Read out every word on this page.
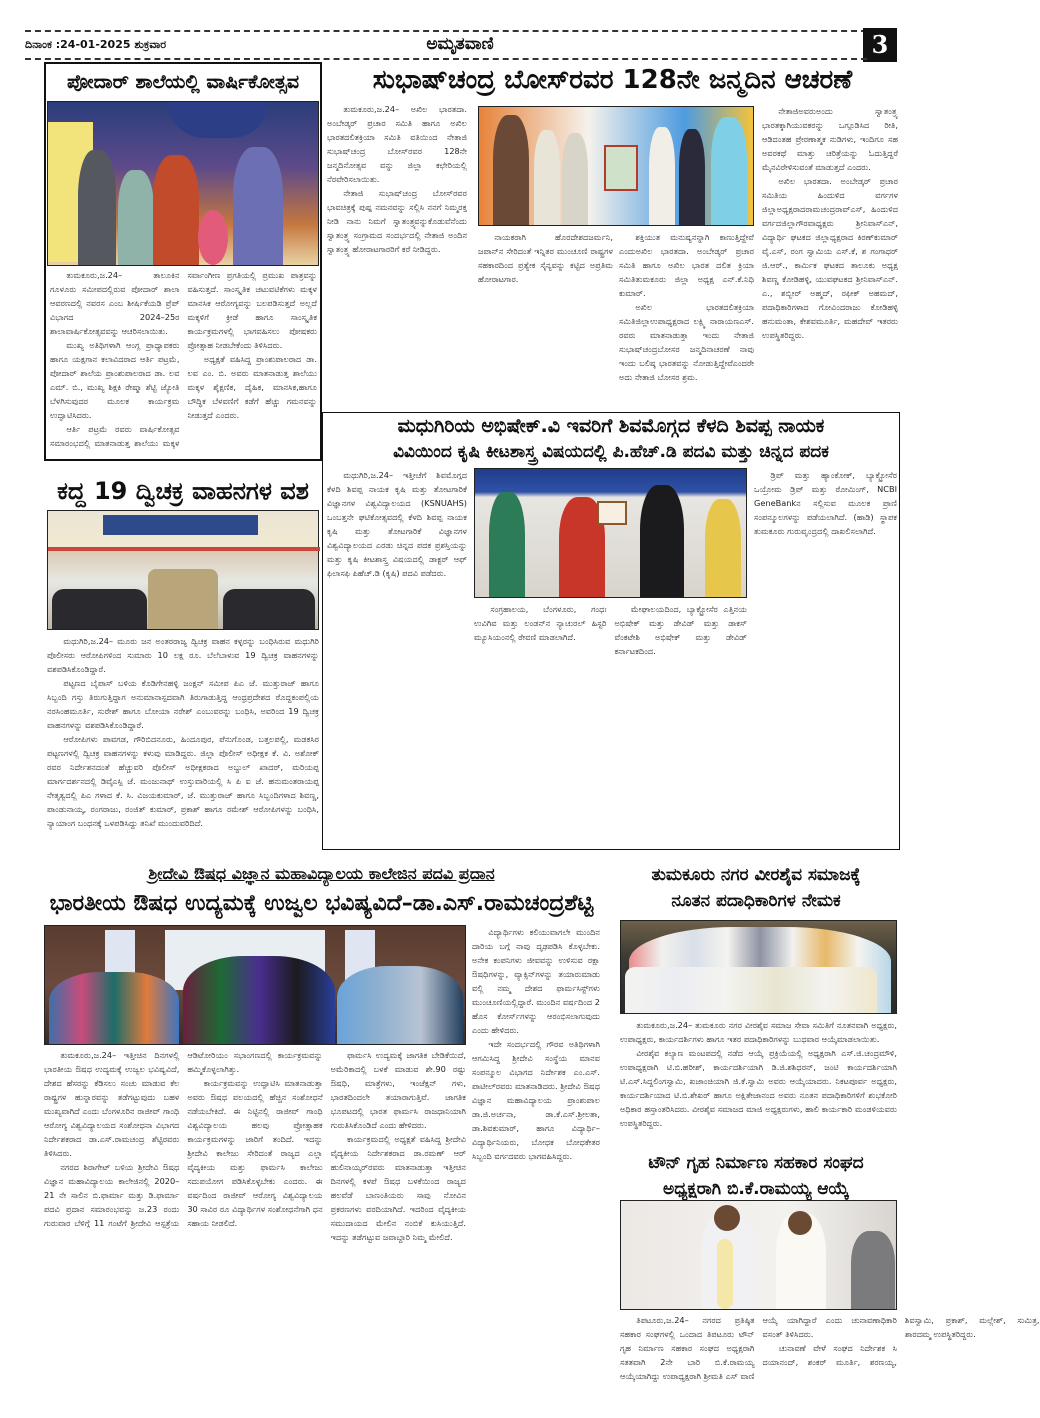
ದಿನಾಂಕ :24-01-2025 ಶುಕ್ರವಾರ	ಅಮೃತವಾಣಿ	3
ಪೋದಾರ್ ಶಾಲೆಯಲ್ಲಿ ವಾರ್ಷಿಕೋತ್ಸವ

ತುಮಕೂರು,ಜ.24– ತಾಲೂಕಿನ ಗೂಳೂರು ಸಮೀಪದಲ್ಲಿರುವ ಪೋದಾರ್ ಶಾಲಾ ಆವರಣದಲ್ಲಿ ನವರಸ ಎಂಬ ಶೀರ್ಷಿಕೆಯಡಿ ಪ್ರೆಪ್ ವಿಭಾಗದ 2024–25ರ ಶಾಲಾವಾರ್ಷಿಕೋತ್ಸವವನ್ನು ಆಚರಿಸಲಾಯಿತು.

ಮುಖ್ಯ ಅತಿಥಿಗಳಾಗಿ ಆಂಗ್ಲ ಪ್ರಾಧ್ಯಾಪಕರು ಹಾಗೂ ಯಕ್ಷಗಾನ ಕಲಾವಿದರಾದ ಆರ್ತಿ ಪಟ್ರಮೆ, ಪೋದಾರ್ ಶಾಲೆಯ ಪ್ರಾಂಶುಪಾಲರಾದ ಡಾ. ಲವ ಎಮ್. ಬಿ., ಮುಖ್ಯ ಶಿಕ್ಷಕಿ ರೇಷ್ಮಾ ಶೆಟ್ಟಿ ಜ್ಯೋತಿ ಬೆಳಗಿಸುವುದರ ಮೂಲಕ ಕಾರ್ಯಕ್ರಮ ಉದ್ಘಾಟಿಸಿದರು.

ಆರ್ತಿ ಪಟ್ರಮೆ ರವರು ವಾರ್ಷಿಕೋತ್ಸವ ಸಮಾರಂಭದಲ್ಲಿ ಮಾತನಾಡುತ್ತ ಶಾಲೆಯು ಮಕ್ಕಳ ಸರ್ವಾಂಗೀಣ ಪ್ರಗತಿಯಲ್ಲಿ ಪ್ರಮುಖ ಪಾತ್ರವನ್ನು ವಹಿಸುತ್ತದೆ. ಸಾಂಸ್ಕೃತಿಕ ಚಟುವಟಿಕೆಗಳು ಮಕ್ಕಳ ಮಾನಸಿಕ ಆರೋಗ್ಯವನ್ನು ಬಲಪಡಿಸುತ್ತದೆ ಅಲ್ಲದೆ ಮಕ್ಕಳಿಗೆ ಕ್ರೀಡೆ ಹಾಗೂ ಸಾಂಸ್ಕೃತಿಕ ಕಾರ್ಯಕ್ರಮಗಳಲ್ಲಿ ಭಾಗವಹಿಸಲು ಪೋಷಕರು ಪ್ರೋತ್ಸಾಹ ನೀಡಬೇಕೆಂದು ತಿಳಿಸಿದರು.

ಅಧ್ಯಕ್ಷತೆ ವಹಿಸಿದ್ದ ಪ್ರಾಂಶುಪಾಲರಾದ ಡಾ. ಲವ ಎಂ. ಬಿ. ಅವರು ಮಾತನಾಡುತ್ತ ಶಾಲೆಯು ಮಕ್ಕಳ ಶೈಕ್ಷಣಿಕ, ದೈಹಿಕ, ಮಾನಸಿಕ,ಹಾಗೂ ಬೌದ್ಧಿಕ ಬೆಳವಣಿಗೆ ಕಡೆಗೆ ಹೆಚ್ಚು ಗಮನವನ್ನು ನೀಡುತ್ತದೆ ಎಂದರು.

ಸುಭಾಷ್‌ಚಂದ್ರ ಬೋಸ್‌ರವರ 128ನೇ ಜನ್ಮದಿನ ಆಚರಣೆ

ತುಮಕೂರು,ಜ.24– ಅಖಿಲ ಭಾರತದಾ. ಅಂಬೇಡ್ಕರ್ ಪ್ರಚಾರ ಸಮಿತಿ ಹಾಗೂ ಅಖಿಲ ಭಾರತದಲಿತಕ್ರಿಯಾ ಸಮಿತಿ ವತಿಯಿಂದ ನೇತಾಜಿ ಸುಭಾಷ್‌ಚಂದ್ರ ಬೋಸ್‌ರವರ 128ನೇ ಜನ್ಮದಿನೋತ್ಸವ ವನ್ನು ಜಿಲ್ಲಾ ಕಛೇರಿಯಲ್ಲಿ ನೆರವೇರಿಸಲಾಯಿತು.

ನೇತಾಜಿ ಸುಭಾಷ್‌ಚಂದ್ರ ಬೋಸ್‌ರವರ ಭಾವಚಿತ್ರಕ್ಕೆ ಪುಷ್ಪ ನಮನವನ್ನು ಸಲ್ಲಿಸಿ ನನಗೆ ನಿಮ್ಮರಕ್ತ ನೀಡಿ ನಾನು ನಿಮಗೆ ಸ್ವಾತಂತ್ರ್ಯವನ್ನುಕೊಡುವೆನೆಂದು ಸ್ವಾತಂತ್ರ್ಯ ಸಂಗ್ರಾಮದ ಸಂದರ್ಭದಲ್ಲಿ ನೇತಾಜಿ ಅಂದಿನ ಸ್ವಾತಂತ್ರ್ಯ ಹೋರಾಟಗಾರರಿಗೆ ಕರೆ ನೀಡಿದ್ದರು.

ನಾಯಕರಾಗಿ ಹೊರದೇಶದಜರ್ಮನಿ, ಜಪಾನ್‌ನ ಸೇರಿದಂತೆ ಇನ್ನಿತರ ಮುಂಚೂಣಿ ರಾಷ್ಟ್ರಗಳ ಸಹಕಾರದಿಂದ ಪ್ರತ್ಯೇಕ ಸೈನ್ಯವನ್ನು ಕಟ್ಟಿದ ಅಪ್ರತಿಮ ಹೋರಾಟಗಾರ.

ಶಕ್ತಿಯುತ ಮನುಷ್ಯನನ್ನಾಗಿ ಕಾಣುತ್ತಿದ್ದೇವೆ ಎಂದುಅಖಿಲ ಭಾರತದಾ. ಅಂಬೇಡ್ಕರ್ ಪ್ರಚಾರ ಸಮಿತಿ ಹಾಗೂ ಅಖಿಲ ಭಾರತ ದಲಿತ ಕ್ರಿಯಾ ಸಮಿತಿತುಮಕೂರು ಜಿಲ್ಲಾ ಅಧ್ಯಕ್ಷ ಎನ್.ಕೆ.ನಿಧಿ ಕುಮಾರ್.

ಅಖಿಲ ಭಾರತದಲಿತಕ್ರಿಯಾ ಸಮಿತಿಜಿಲ್ಲಾಉಪಾಧ್ಯಕ್ಷರಾದ ಲಕ್ಷ್ಮಿ ನಾರಾಯಣಎಸ್. ರವರು ಮಾತನಾಡುತ್ತಾ ಇಂದು ನೇತಾಜಿ ಸುಭಾಷ್‌ಚಂದ್ರಬೋಸರ ಜನ್ಮದಿನಾಚರಣೆ ನಾವು ಇಂದು ಬಲಿಷ್ಠ ಭಾರತವನ್ನು ನೋಡುತ್ತಿದ್ದೇವೆಎಂದರೇ ಅದು ನೇತಾಜಿ ಬೋಸರ ಶ್ರಮ.

ನೇತಾಜಿಅವರುಅಂದು ಸ್ವಾತಂತ್ರ್ಯ ಭಾರತಕ್ಕಾಗಿಯುವಕರನ್ನು ಒಗ್ಗೂಡಿಸಿದ ರೀತಿ, ಆಡಿದಂತಹ ಪ್ರೇರಣಾತ್ಮಕ ನುಡಿಗಳು, ಇಂದಿಗೂ ಸಹ ಅವರಕಥೆ ಮಾತ್ತು ಚರಿತ್ರೆಯನ್ನು ಓದುತ್ತಿದ್ದರೆ ಮೈನವಿರೇಳಿಸುವಂತೆ ಮಾಡುತ್ತದೆ ಎಂದರು.

ಅಖಿಲ ಭಾರತದಾ. ಅಂಬೇಡ್ಕರ್ ಪ್ರಚಾರ ಸಮಿತಿಯ ಹಿಂದುಳಿದ ವರ್ಗಗಳ ಜಿಲ್ಲಾಅಧ್ಯಕ್ಷರಾದರಾಮಚಂದ್ರರಾವ್‌ಎಸ್, ಹಿಂದುಳಿದ ವರ್ಗದಜಿಲ್ಲಾಗೌರವಾಧ್ಯಕ್ಷರು ಶ್ರೀನಿವಾಸ್‌ಎನ್, ವಿದ್ಯಾರ್ಥಿ ಘಟಕದ ಜಿಲ್ಲಾಧ್ಯಕ್ಷರಾದ ಕಿರಣ್‌ಕುಮಾರ್ ವೈ.ಎಸ್, ರಂಗ ಸ್ವಾಮಿಯ ಎಸ್.ಕೆ, ಶ ಗಂಗಾಧರ್ ಜಿ.ಆರ್., ಕಾರ್ಮಿಕ ಘಟಕದ ತಾಲೂಕು ಅಧ್ಯಕ್ಷ ಶಿವಣ್ಣ ಕೋಡಿಹಳ್ಳಿ, ಯುವಘಟಕದ ಶ್ರೀನಿವಾಸ್‌ಎನ್. ಎ., ಶಬ್ಬೀರ್ ಅಹ್ಮದ್, ರಫೀಕ್ ಅಹಮದ್, ಪದಾಧಿಕಾರಿಗಳಾದ ಗೋವಿಂದರಾಜು ಕೋಡಿಹಳ್ಳಿ ಹನುಮಂತಾ, ಕೇಶವಮೂರ್ತಿ, ಮಹದೇವ್ ಇತರರು ಉಪಸ್ಥಿತರಿದ್ದರು.

ಮಧುಗಿರಿಯ ಅಭಿಷೇಕ್.ವಿ ಇವರಿಗೆ ಶಿವಮೊಗ್ಗದ ಕೆಳದಿ ಶಿವಪ್ಪ ನಾಯಕ
ವಿವಿಯಿಂದ ಕೃಷಿ ಕೀಟಶಾಸ್ತ್ರ ವಿಷಯದಲ್ಲಿ ಪಿ.ಹೆಚ್.ಡಿ ಪದವಿ ಮತ್ತು ಚಿನ್ನದ ಪದಕ

ಮಧುಗಿರಿ,ಜ.24– ಇತ್ತೀಚೆಗೆ ಶಿವಮೊಗ್ಗದ ಕೆಳದಿ ಶಿವಪ್ಪ ನಾಯಕ ಕೃಷಿ ಮತ್ತು ತೋಟಗಾರಿಕೆ ವಿಜ್ಞಾನಗಳ ವಿಶ್ವವಿದ್ಯಾಲಯದ (KSNUAHS) ಒಂಬತ್ತನೇ ಘಟಿಕೋತ್ಸವದಲ್ಲಿ ಕೆಳದಿ ಶಿವಪ್ಪ ನಾಯಕ ಕೃಷಿ ಮತ್ತು ತೋಟಗಾರಿಕೆ ವಿಜ್ಞಾನಗಳ ವಿಶ್ವವಿದ್ಯಾಲಯದ ಎರಡು ಚಿನ್ನದ ಪದಕ ಪ್ರಶಸ್ತಿಯನ್ನು ಮತ್ತು ಕೃಷಿ ಕೀಟಶಾಸ್ತ್ರ ವಿಷಯದಲ್ಲಿ ಡಾಕ್ಟರ್ ಆಫ್ ಫಿಲಾಸಫಿ ಪಿಹೆಚ್.ಡಿ (ಕೃಷಿ) ಪದವಿ ಪಡೆದರು.

ಸಂಗ್ರಹಾಲಯ, ಬೆಂಗಳೂರು, ಗಂಧಃ ಉವಿಗಿವ ಮತ್ತು ಲಂಡನ್‌ನ ನ್ಯಾಚುರಲ್ ಹಿಸ್ಟರಿ ಮ್ಯೂಸಿಯಂನಲ್ಲಿ ಠೇವಣಿ ಮಾಡಲಾಗಿದೆ.

ಮೇಘಾಲಯದಿಂದ, ಬ್ಯಾಕ್ಟ್ರೋಸೆರ ಎತ್ತಿನಯ ಅಭಿಷೇಕ್ ಮತ್ತು ಡೇವಿಡ್ ಮತ್ತು ಡಾಕಸ್ ವೆಂಕಟೇಶಿ ಅಭಿಷೇಕ್ ಮತ್ತು ಡೇವಿಡ್ ಕರ್ನಾಟಕದಿಂದ.

ಡ್ರಿಪ್ ಮತ್ತು ಹ್ಯಾಂಕೋಕ್, ಬ್ಯಾಕ್ಟ್ರೋಸೆರ ಒಯ್ರೋಮ ಡ್ರಿಪ್ ಮತ್ತು ರೋಮಿಂಗ್, NCBI GeneBankನ ಸಲ್ಲಿಸುವ ಮೂಲಕ ಪ್ರಾಣಿ ಸಂಪನ್ಮೂಲಗಳನ್ನು ಪಡೆಯಲಾಗಿದೆ. (ಹಾಡಿ) ಸ್ಥಾಪಕ ತುಮಕೂರು ಗುರುವೃಂದ್ರದಲ್ಲಿ ದಾಖಲಿಸಲಾಗಿದೆ.

ಕದ್ದ 19 ದ್ವಿಚಕ್ರ ವಾಹನಗಳ ವಶ

ಮಧುಗಿರಿ,ಜ.24– ಮೂರು ಜನ ಅಂತರರಾಜ್ಯ ದ್ವಿಚಕ್ರ ವಾಹನ ಕಳ್ಳರನ್ನು ಬಂಧಿಸಿರುವ ಮಧುಗಿರಿ ಪೊಲೀಸರು ಆರೋಪಿಗಳಿಂದ ಸುಮಾರು 10 ಲಕ್ಷ ರೂ. ಬೆಲೆಬಾಳುವ 19 ದ್ವಿಚಕ್ರ ವಾಹನಗಳನ್ನು ವಶಪಡಿಸಿಕೊಂಡಿದ್ದಾರೆ.

ಪಟ್ಟಣದ ಬೈಪಾಸ್ ಬಳಿಯ ಕೊಡಿಗೇನಹಳ್ಳಿ ಜಂಕ್ಷನ್ ಸಮೀಪ ಪಿಎ ಜೆ. ಮುತ್ತುರಾಜ್ ಹಾಗೂ ಸಿಬ್ಬಂದಿ ಗಸ್ತು ತಿರುಗುತ್ತಿದ್ದಾಗ ಅನುಮಾನಾಸ್ಪದವಾಗಿ ತಿರುಗಾಡುತ್ತಿದ್ದ ಆಂಧ್ರಪ್ರದೇಶದ ರೊದ್ದಕಂಪಲ್ಲಿಯ ನರಸಿಂಹಮೂರ್ತಿ, ಸುರೇಶ್ ಹಾಗೂ ಬೋಯಾ ನರೇಶ್ ಎಂಬುವರನ್ನು ಬಂಧಿಸಿ, ಅವರಿಂದ 19 ದ್ವಿಚಕ್ರ ವಾಹನಗಳನ್ನು ವಶಪಡಿಸಿಕೊಂಡಿದ್ದಾರೆ.

ಆರೋಪಿಗಳು ಪಾವಗಡ, ಗೌರಿಬಿದನೂರು, ಹಿಂದೂಪುರ, ಪೆನುಗೊಂಡ, ಬತ್ತಲಪಲ್ಲಿ, ಮಡಕಸಿರ ಪಟ್ಟಣಗಳಲ್ಲಿ ದ್ವಿಚಕ್ರ ವಾಹನಗಳನ್ನು ಕಳುವು ಮಾಡಿದ್ದರು. ಜಿಲ್ಲಾ ಪೊಲೀಸ್ ಅಧೀಕ್ಷಕ ಕೆ. ವಿ. ಅಶೋಕ್ ರವರ ನಿರ್ದೇಶನದಂತೆ ಹೆಚ್ಚುವರಿ ಪೊಲೀಸ್ ಅಧೀಕ್ಷಕರಾದ ಅಬ್ದುಲ್ ಖಾದರ್, ಮರಿಯಪ್ಪ ಮಾರ್ಗದರ್ಶನದಲ್ಲಿ ಡಿವೈಎಸ್ಪಿ ಜೆ. ಮಂಜುನಾಥ್ ಉಸ್ತುವಾರಿಯಲ್ಲಿ ಸಿ ಪಿ ಐ ಜೆ. ಹನುಮಂತರಾಯಪ್ಪ ನೇತೃತ್ವದಲ್ಲಿ ಪಿಎ ಗಳಾದ ಕೆ. ಸಿ. ವಿಜಯಕುಮಾರ್, ಜೆ. ಮುತ್ತುರಾಜ್ ಹಾಗೂ ಸಿಬ್ಬಂದಿಗಳಾದ ಶಿವಣ್ಣ, ಪಾಂಡುನಾಯ್ಕ, ರಂಗರಾಜು, ರಂಜಿತ್ ಕುಮಾರ್, ಪ್ರಕಾಶ್ ಹಾಗೂ ರಮೇಶ್ ಆರೋಪಿಗಳನ್ನು ಬಂಧಿಸಿ, ನ್ಯಾಯಾಂಗ ಬಂಧನಕ್ಕೆ ಒಳಪಡಿಸಿದ್ದು ತನಿಖೆ ಮುಂದುವರಿದಿದೆ.

ಶ್ರೀದೇವಿ ಔಷಧ ವಿಜ್ಞಾನ ಮಹಾವಿದ್ಯಾಲಯ ಕಾಲೇಜಿನ ಪದವಿ ಪ್ರದಾನ
ಭಾರತೀಯ ಔಷಧ ಉದ್ಯಮಕ್ಕೆ ಉಜ್ವಲ ಭವಿಷ್ಯವಿದೆ–ಡಾ.ಎಸ್.ರಾಮಚಂದ್ರಶೆಟ್ಟಿ

ತುಮಕೂರು,ಜ.24– ಇತ್ತೀಚಿನ ದಿನಗಳಲ್ಲಿ ಭಾರತೀಯ ಔಷಧ ಉದ್ಯಮಕ್ಕೆ ಉಜ್ವಲ ಭವಿಷ್ಯವಿದೆ, ದೇಶದ ಹೆಸರನ್ನು ಕೆಡಿಸಲು ಸಂಚು ಮಾಡುವ ಕೆಲ ರಾಷ್ಟ್ರಗಳ ಹುನ್ನಾರವನ್ನು ತಡೆಗಟ್ಟುವುದು ಬಹಳ ಮುಖ್ಯವಾಗಿದೆ ಎಂದು ಬೆಂಗಳೂರಿನ ರಾಜೀವ್ ಗಾಂಧಿ ಆರೋಗ್ಯ ವಿಶ್ವವಿದ್ಯಾಲಯದ ಸಂಶೋಧನಾ ವಿಭಾಗದ ನಿರ್ದೇಶಕರಾದ ಡಾ.ಎಸ್.ರಾಮಚಂದ್ರ ಶೆಟ್ಟಿರವರು ತಿಳಿಸಿದರು.

ನಗರದ ಶಿರಾಗೇಟ್ ಬಳಿಯ ಶ್ರೀದೇವಿ ಔಷಧ ವಿಜ್ಞಾನ ಮಹಾವಿದ್ಯಾಲಯ ಕಾಲೇಜಿನಲ್ಲಿ 2020–21 ನೇ ಸಾಲಿನ ಬಿ.ಫಾರ್ಮಾ ಮತ್ತು ಡಿ.ಫಾರ್ಮಾ ಪದವಿ ಪ್ರದಾನ ಸಮಾರಂಭವನ್ನು ಜ.23 ರಂದು ಗುರುವಾರ ಬೆಳಿಗ್ಗೆ 11 ಗಂಟೆಗೆ ಶ್ರೀದೇವಿ ಆಸ್ಪತ್ರೆಯ ಆಡಿಟೋರಿಯಂ ಸಭಾಂಗಣದಲ್ಲಿ ಕಾರ್ಯಕ್ರಮವನ್ನು ಹಮ್ಮಿಕೊಳ್ಳಲಾಗಿತ್ತು.

ಕಾರ್ಯಕ್ರಮವನ್ನು ಉದ್ಘಾಟಿಸಿ ಮಾತನಾಡುತ್ತಾ ಅವರು ಔಷಧ ವಲಯದಲ್ಲಿ ಹೆಚ್ಚಿನ ಸಂಶೋಧನೆ ನಡೆಯಬೇಕಿದೆ. ಈ ನಿಟ್ಟಿನಲ್ಲಿ ರಾಜೀವ್ ಗಾಂಧಿ ವಿಶ್ವವಿದ್ಯಾಲಯ ಹಲವು ಪ್ರೋತ್ಸಾಹಕ ಕಾರ್ಯಕ್ರಮಗಳನ್ನು ಜಾರಿಗೆ ತಂದಿದೆ. ಇದನ್ನು ಶ್ರೀದೇವಿ ಕಾಲೇಜು ಸೇರಿದಂತೆ ರಾಜ್ಯದ ಎಲ್ಲಾ ವೈದ್ಯಕೀಯ ಮತ್ತು ಫಾರ್ಮಸಿ ಕಾಲೇಜು ಸದುಪಯೋಗ ಪಡಿಸಿಕೊಳ್ಳಬೇಕು ಎಂದರು. ಈ ವರ್ಷದಿಂದ ರಾಜೀವ್ ಆರೋಗ್ಯ ವಿಶ್ವವಿದ್ಯಾಲಯ 30 ಸಾವಿರ ರೂ ವಿದ್ಯಾರ್ಥಿಗಳ ಸಂಶೋಧನೆಗಾಗಿ ಧನ ಸಹಾಯ ನೀಡಲಿದೆ.

ಫಾರ್ಮಸಿ ಉದ್ಯಮಕ್ಕೆ ಜಾಗತಿಕ ಬೇಡಿಕೆಯಿದೆ, ಅಮೆರಿಕಾದಲ್ಲಿ ಬಳಕೆ ಮಾಡುವ ಶೇ.90 ರಷ್ಟು ಔಷಧಿ, ಮಾತ್ರೆಗಳು, ಇಂಜೆಕ್ಷನ್ ಗಳು, ಭಾರತದಿಂದಲೇ ತಯಾರಾಗುತ್ತಿವೆ. ಜಾಗತಿಕ ಭೂಪಟದಲ್ಲಿ ಭಾರತ ಫಾರ್ಮಸಿ ರಾಜಧಾನಿಯಾಗಿ ಗುರುತಿಸಿಕೊಂಡಿದೆ ಎಂದು ಹೇಳಿದರು.

ಕಾರ್ಯಕ್ರಮದಲ್ಲಿ ಅಧ್ಯಕ್ಷತೆ ವಹಿಸಿದ್ದ ಶ್ರೀದೇವಿ ವೈದ್ಯಕೀಯ ನಿರ್ದೇಶಕರಾದ ಡಾ.ರಮಣ್ ಆರ್ ಹುಲಿನಾಯ್ಕರ್‌ರವರು ಮಾತನಾಡುತ್ತಾ ಇತ್ತೀಚಿನ ದಿನಗಳಲ್ಲಿ ಕಳಪೆ ಔಷಧ ಬಳಕೆಯಿಂದ ರಾಜ್ಯದ ಹಲವೆಡೆ ಬಾಣಂತಿಯರು ಸಾವು ನೋವಿನ ಪ್ರಕರಣಗಳು ವರದಿಯಾಗಿದೆ. ಇದರಿಂದ ವೈದ್ಯಕೀಯ ಸಮುದಾಯದ ಮೇಲಿನ ನಂಬಿಕೆ ಕುಸಿಯುತ್ತಿದೆ. ಇದನ್ನು ತಡೆಗಟ್ಟುವ ಜವಾಬ್ದಾರಿ ನಿಮ್ಮ ಮೇಲಿದೆ.

ವಿದ್ಯಾರ್ಥಿಗಳು ಕಲಿಯುವಾಗಲೇ ಮುಂದಿನ ದಾರಿಯ ಬಗ್ಗೆ ನಾವು ದೃಢಪಡಿಸಿ ಕೊಳ್ಳಬೇಕು. ಅನೇಕ ಕಂಪನಿಗಳು ಜೀವವನ್ನು ಉಳಿಸುವ ರಕ್ಷಾ ಔಷಧಿಗಳನ್ನು, ವ್ಯಾಕ್ಸಿನ್‌ಗಳನ್ನು ತಯಾರುಮಾಡು ವಲ್ಲಿ ನಮ್ಮ ದೇಶದ ಫಾರ್ಮಸಿಸ್ಟ್‌ಗಳು ಮುಂಚೂಣಿಯಲ್ಲಿದ್ದಾರೆ. ಮುಂದಿನ ವರ್ಷದಿಂದ 2 ಹೊಸ ಕೋರ್ಸ್‌ಗಳನ್ನು ಆರಂಭಿಸಲಾಗುವುದು ಎಂದು ಹೇಳಿದರು.

ಇದೇ ಸಂದರ್ಭದಲ್ಲಿ ಗೌರವ ಅತಿಥಿಗಳಾಗಿ ಆಗಮಿಸಿದ್ದ ಶ್ರೀದೇವಿ ಸಂಸ್ಥೆಯ ಮಾನವ ಸಂಪನ್ಮೂಲ ವಿಭಾಗದ ನಿರ್ದೇಶಕ ಎಂ.ಎಸ್. ಪಾಟೀಲ್‌ರವರು ಮಾತನಾಡಿದರು. ಶ್ರೀದೇವಿ ಔಷಧ ವಿಜ್ಞಾನ ಮಹಾವಿದ್ಯಾಲಯ ಪ್ರಾಂಶುಪಾಲ ಡಾ.ಜಿ.ಅರ್ಚನಾ, ಡಾ.ಕೆ.ಎಸ್.ಶ್ರೀಲತಾ, ಡಾ.ಶಿವಕುಮಾರ್, ಹಾಗೂ ವಿದ್ಯಾರ್ಥಿ–ವಿದ್ಯಾರ್ಥಿನಿಯರು, ಬೋಧಕ ಬೋಧಕೇತರ ಸಿಬ್ಬಂದಿ ವರ್ಗದವರು ಭಾಗವಹಿಸಿದ್ದರು.

ತುಮಕೂರು ನಗರ ವೀರಶೈವ ಸಮಾಜಕ್ಕೆ
ನೂತನ ಪದಾಧಿಕಾರಿಗಳ ನೇಮಕ

ತುಮಕೂರು,ಜ.24– ತುಮಕೂರು ನಗರ ವೀರಶೈವ ಸಮಾಜ ಸೇವಾ ಸಮಿತಿಗೆ ನೂತನವಾಗಿ ಅಧ್ಯಕ್ಷರು, ಉಪಾಧ್ಯಕ್ಷರು, ಕಾರ್ಯದರ್ಶಿಗಳು ಹಾಗೂ ಇತರ ಪದಾಧಿಕಾರಿಗಳನ್ನು ಬುಧವಾರ ಆಯ್ಕೆಮಾಡಲಾಯಿತು.

ವೀರಶೈವ ಕಲ್ಯಾಣ ಮಂಟಪದಲ್ಲಿ ನಡೆದ ಆಯ್ಕೆ ಪ್ರಕ್ರಿಯೆಯಲ್ಲಿ ಅಧ್ಯಕ್ಷರಾಗಿ ಎಸ್.ಜಿ.ಚಂದ್ರಮೌಳಿ, ಉಪಾಧ್ಯಕ್ಷರಾಗಿ ಟಿ.ಬಿ.ಹರೀಶ್, ಕಾರ್ಯದರ್ಶಿಯಾಗಿ ಡಿ.ಜಿ.ಶಶಿಧರನ್, ಜಂಟಿ ಕಾರ್ಯದರ್ಶಿಯಾಗಿ ಟಿ.ಎಸ್.ಸಿದ್ದಲಿಂಗಸ್ವಾಮಿ, ಖಜಾಂಚಿಯಾಗಿ ಜಿ.ಕೆ.ಸ್ವಾಮಿ ಅವರು ಆಯ್ಕೆಯಾದರು. ನಿಕಟಪೂರ್ವ ಅಧ್ಯಕ್ಷರು, ಕಾರ್ಯದರ್ಶಿಯಾದ ಟಿ.ಬಿ.ಶೇಖರ್ ಹಾಗೂ ಅಕ್ಷಿತೇಜಾನಂದ ಅವರು ನೂತನ ಪದಾಧಿಕಾರಿಗಳಿಗೆ ಶುಭಕೋರಿ ಅಧಿಕಾರ ಹಸ್ತಾಂತರಿಸಿದರು. ವೀರಶೈವ ಸಮಾಜದ ಮಾಜಿ ಅಧ್ಯಕ್ಷರುಗಳು, ಹಾಲಿ ಕಾರ್ಯಕಾರಿ ಮಂಡಳಿಯವರು ಉಪಸ್ಥಿತರಿದ್ದರು.

ಟೌನ್ ಗೃಹ ನಿರ್ಮಾಣ ಸಹಕಾರ ಸಂಘದ
ಅಧ್ಯಕ್ಷರಾಗಿ ಬಿ.ಕೆ.ರಾಮಯ್ಯ ಆಯ್ಕೆ

ತಿಪಟೂರು,ಜ.24– ನಗರದ ಪ್ರತಿಷ್ಠಿತ ಸಹಕಾರ ಸಂಘಗಳಲ್ಲಿ ಒಂದಾದ ತಿಪಟೂರು ಟೌನ್ ಗೃಹ ನಿರ್ಮಾಣ ಸಹಕಾರ ಸಂಘದ ಅಧ್ಯಕ್ಷರಾಗಿ ಸತತವಾಗಿ 2ನೇ ಬಾರಿ ಬಿ.ಕೆ.ರಾಮಯ್ಯ ಆಯ್ಕೆಯಾಗಿದ್ದು ಉಪಾಧ್ಯಕ್ಷರಾಗಿ ಶ್ರೀಮತಿ ಎಸ್ ವಾಣಿ ಆಯ್ಕೆ ಯಾಗಿದ್ದಾರೆ ಎಂದು ಚುನಾವಣಾಧಿಕಾರಿ ವಸಂತ್ ತಿಳಿಸಿದರು.

ಚುನಾವಣೆ ವೇಳೆ ಸಂಘದ ನಿರ್ದೇಶಕ ಸಿ ದಯಾನಂದ್, ಶಂಕರ್ ಮೂರ್ತಿ, ಶರಣಯ್ಯ, ಶಿವಸ್ವಾಮಿ, ಪ್ರಕಾಶ್, ಮಲ್ಲೇಶ್, ಸುಮಿತ್ರ, ಶಾರದಮ್ಮ ಉಪಸ್ಥಿತರಿದ್ದರು.
